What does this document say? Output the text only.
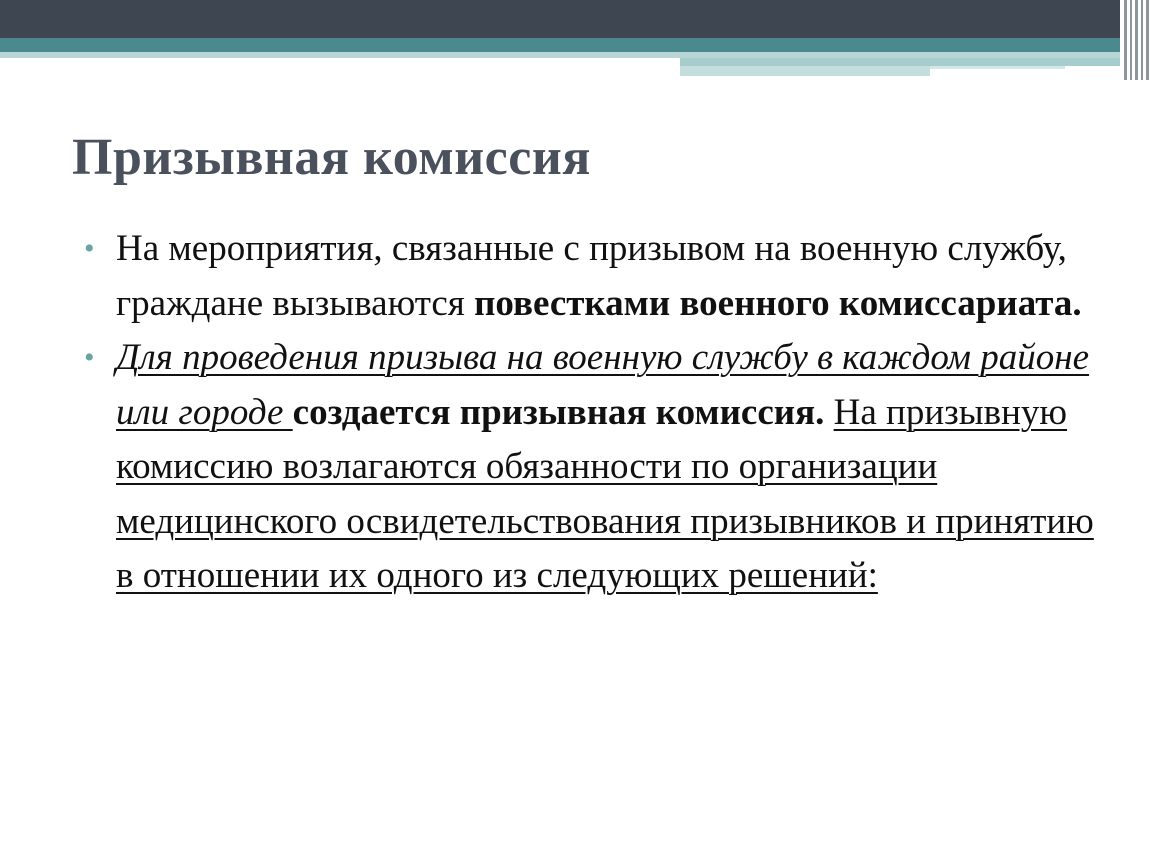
Призывная комиссия

• На мероприятия, связанные с призывом на военную службу, граждане вызываются повестками военного комиссариата.

• Для проведения призыва на военную службу в каждом районе или городе создается призывная комиссия. На призывную комиссию возлагаются обязанности по организации медицинского освидетельствования призывников и принятию в отношении их одного из следующих решений:
